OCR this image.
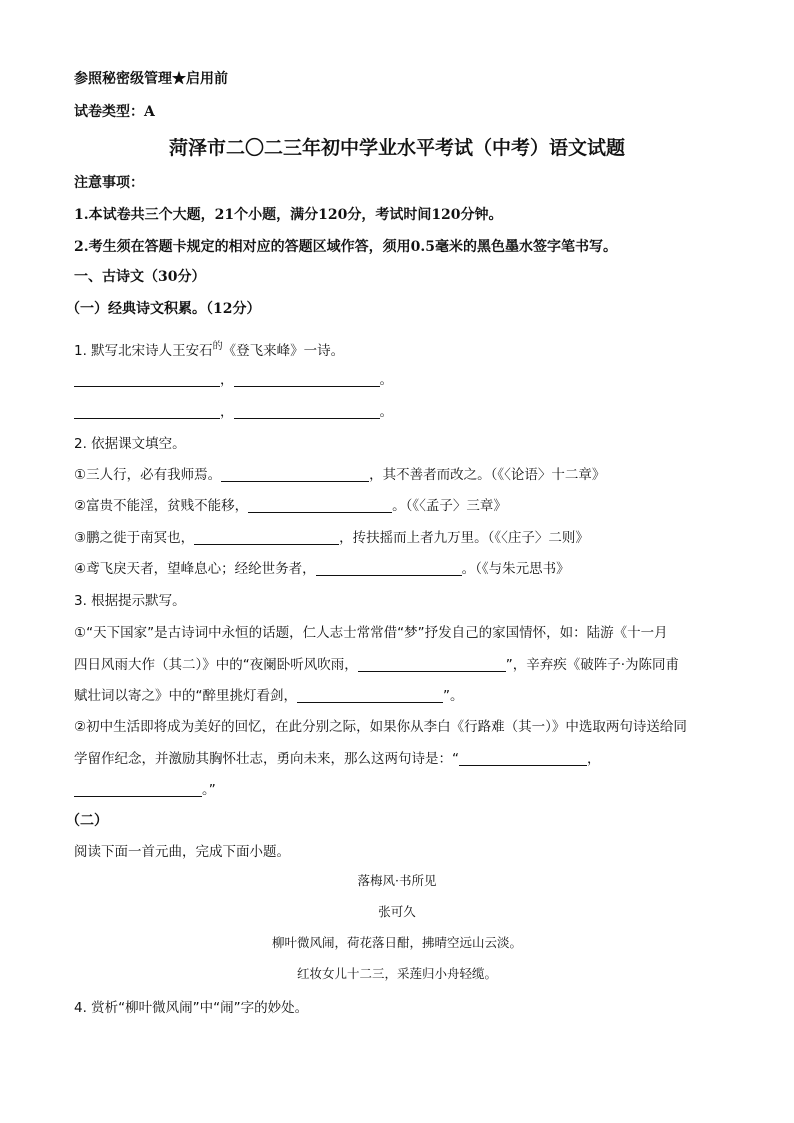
参照秘密级管理★启用前
试卷类型：A
菏泽市二〇二三年初中学业水平考试（中考）语文试题
注意事项：
1.本试卷共三个大题，21个小题，满分120分，考试时间120分钟。
2.考生须在答题卡规定的相对应的答题区域作答，须用0.5毫米的黑色墨水签字笔书写。
一、古诗文（30分）
（一）经典诗文积累。（12分）
1. 默写北宋诗人王安石$^的$《登飞来峰》一诗。
，	。
，	。
2. 依据课文填空。
①三人行，必有我师焉。	，其不善者而改之。（《〈论语〉十二章》
②富贵不能淫，贫贱不能移，	。（《〈孟子〉三章》
③鹏之徙于南冥也，	，抟扶摇而上者九万里。（《〈庄子〉二则》
④鸢飞戾天者，望峰息心；经纶世务者，	。（《与朱元思书》
3. 根据提示默写。
①“天下国家”是古诗词中永恒的话题，仁人志士常常借“梦”抒发自己的家国情怀，如：陆游《十一月
四日风雨大作（其二）》中的“夜阑卧听风吹雨，	”，辛弃疾《破阵子·为陈同甫
赋壮词以寄之》中的“醉里挑灯看剑，	”。
②初中生活即将成为美好的回忆，在此分别之际，如果你从李白《行路难（其一）》中选取两句诗送给同
学留作纪念，并激励其胸怀壮志，勇向未来，那么这两句诗是：“	，
。”
（二）
阅读下面一首元曲，完成下面小题。
落梅风·书所见
张可久
柳叶微风闹，荷花落日酣，拂晴空远山云淡。
红妆女儿十二三，采莲归小舟轻缆。
4. 赏析“柳叶微风闹”中“闹”字的妙处。
